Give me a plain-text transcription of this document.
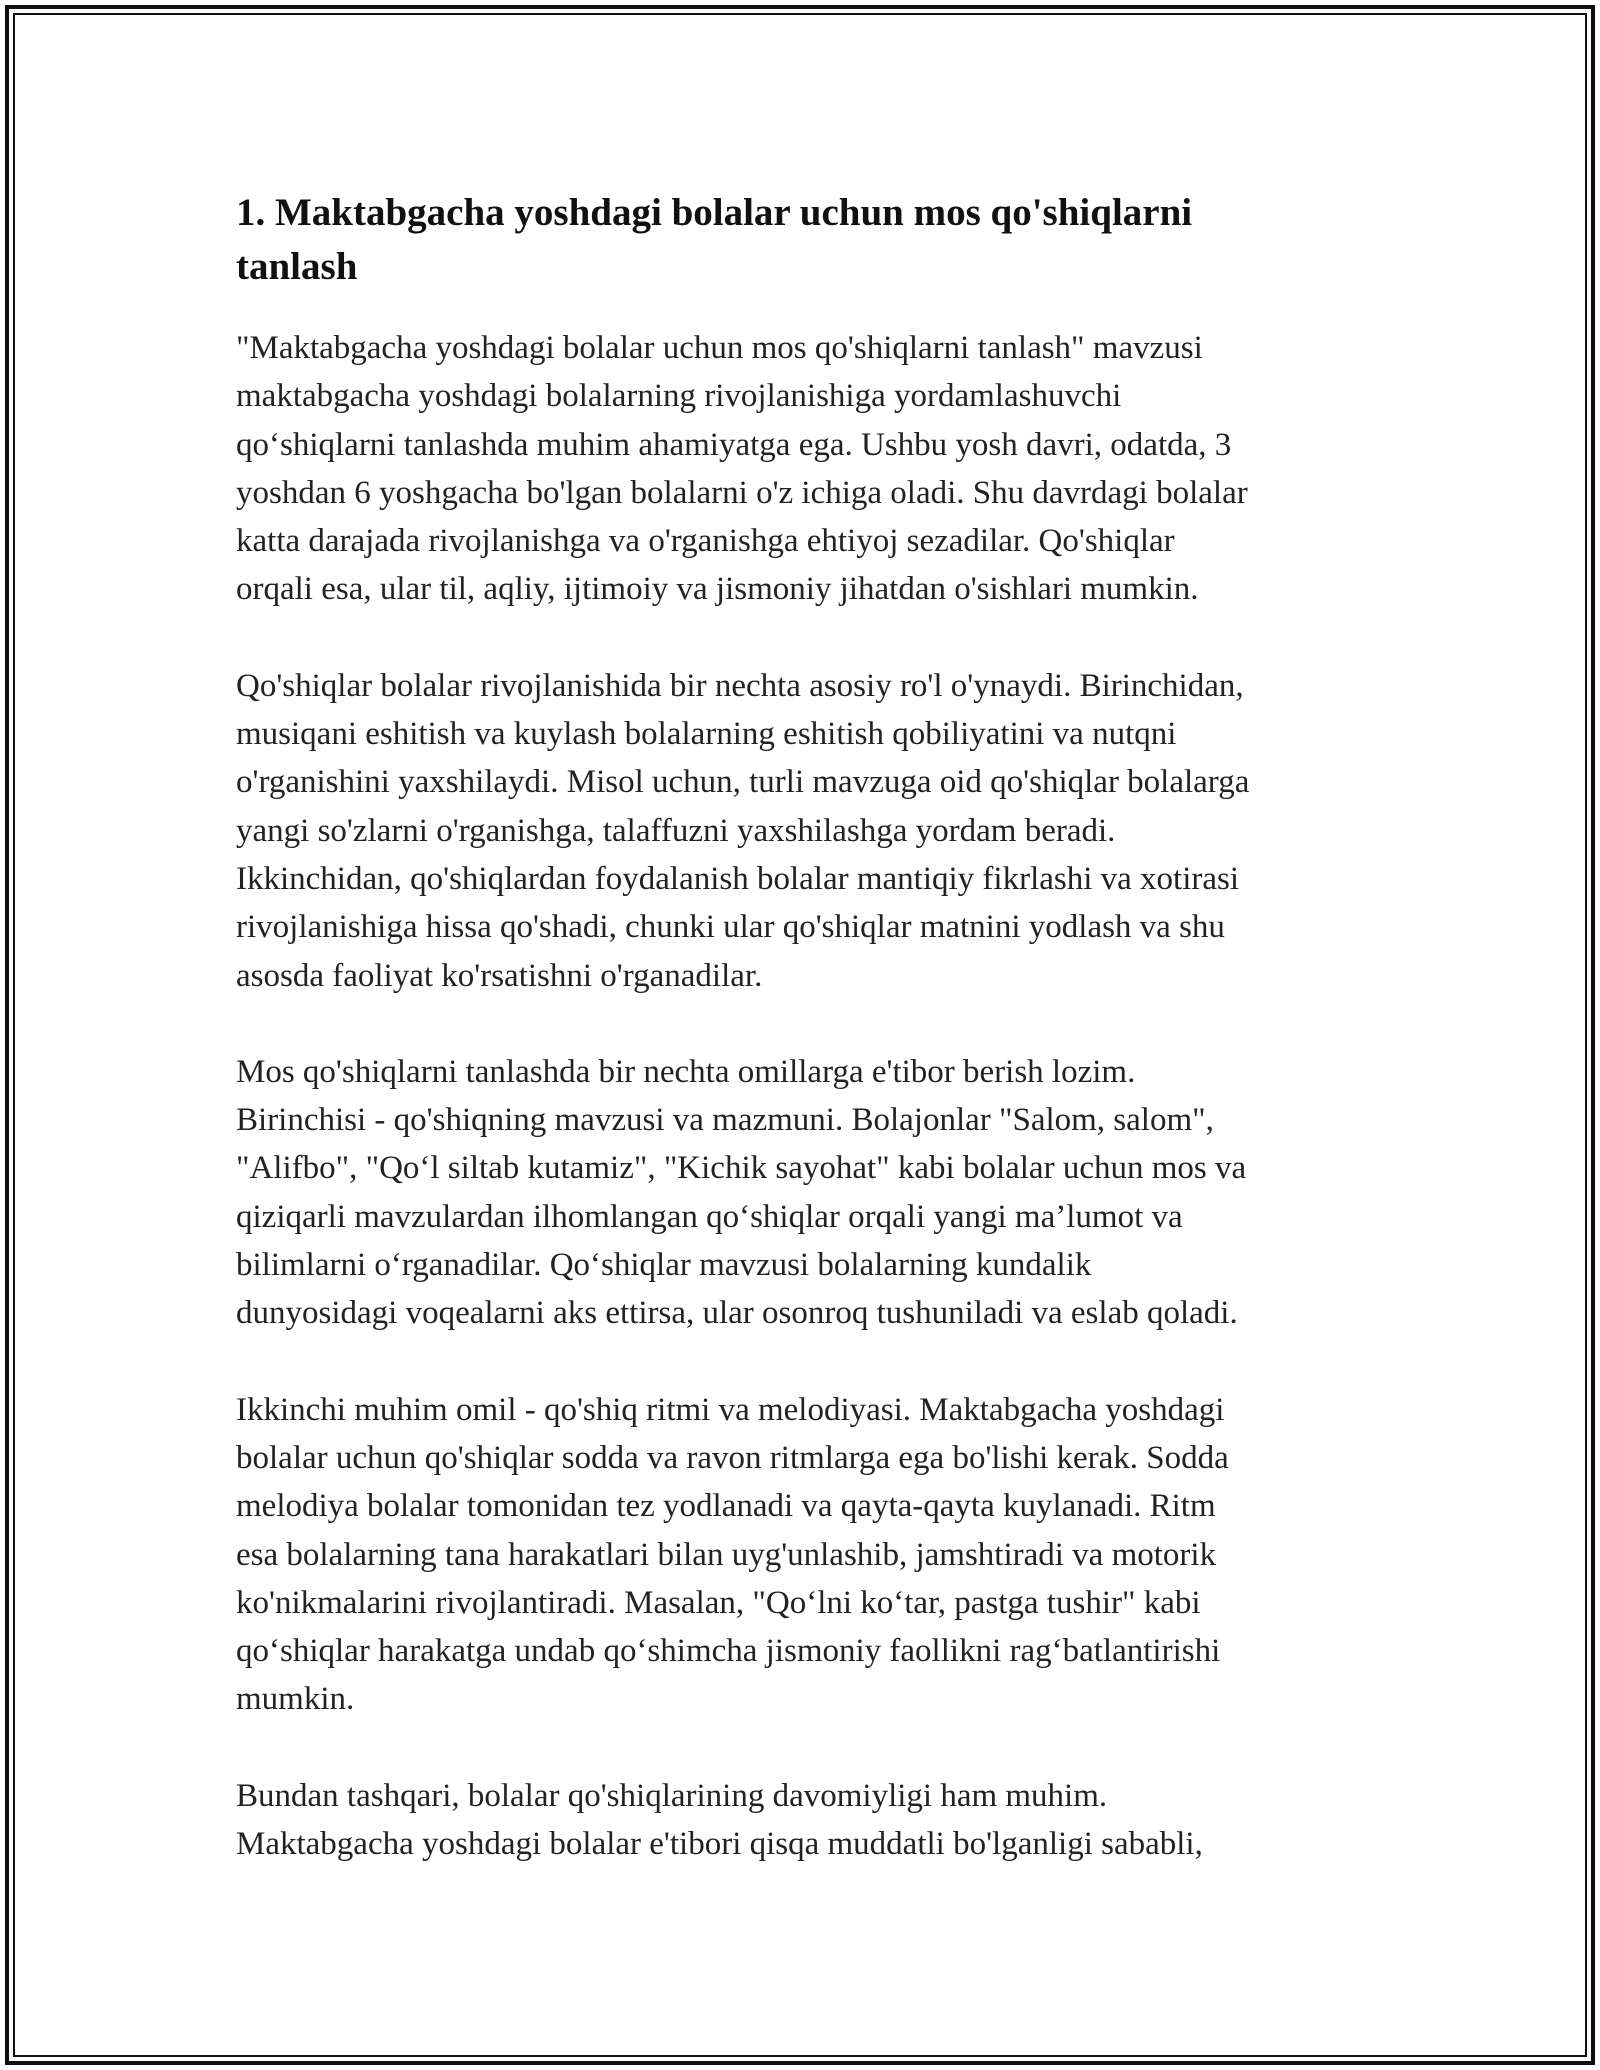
1. Maktabgacha yoshdagi bolalar uchun mos qo'shiqlarni
tanlash

"Maktabgacha yoshdagi bolalar uchun mos qo'shiqlarni tanlash" mavzusi
maktabgacha yoshdagi bolalarning rivojlanishiga yordamlashuvchi
qo‘shiqlarni tanlashda muhim ahamiyatga ega. Ushbu yosh davri, odatda, 3
yoshdan 6 yoshgacha bo'lgan bolalarni o'z ichiga oladi. Shu davrdagi bolalar
katta darajada rivojlanishga va o'rganishga ehtiyoj sezadilar. Qo'shiqlar
orqali esa, ular til, aqliy, ijtimoiy va jismoniy jihatdan o'sishlari mumkin.

Qo'shiqlar bolalar rivojlanishida bir nechta asosiy ro'l o'ynaydi. Birinchidan,
musiqani eshitish va kuylash bolalarning eshitish qobiliyatini va nutqni
o'rganishini yaxshilaydi. Misol uchun, turli mavzuga oid qo'shiqlar bolalarga
yangi so'zlarni o'rganishga, talaffuzni yaxshilashga yordam beradi.
Ikkinchidan, qo'shiqlardan foydalanish bolalar mantiqiy fikrlashi va xotirasi
rivojlanishiga hissa qo'shadi, chunki ular qo'shiqlar matnini yodlash va shu
asosda faoliyat ko'rsatishni o'rganadilar.

Mos qo'shiqlarni tanlashda bir nechta omillarga e'tibor berish lozim.
Birinchisi - qo'shiqning mavzusi va mazmuni. Bolajonlar "Salom, salom",
"Alifbo", "Qo‘l siltab kutamiz", "Kichik sayohat" kabi bolalar uchun mos va
qiziqarli mavzulardan ilhomlangan qo‘shiqlar orqali yangi ma’lumot va
bilimlarni o‘rganadilar. Qo‘shiqlar mavzusi bolalarning kundalik
dunyosidagi voqealarni aks ettirsa, ular osonroq tushuniladi va eslab qoladi.

Ikkinchi muhim omil - qo'shiq ritmi va melodiyasi. Maktabgacha yoshdagi
bolalar uchun qo'shiqlar sodda va ravon ritmlarga ega bo'lishi kerak. Sodda
melodiya bolalar tomonidan tez yodlanadi va qayta-qayta kuylanadi. Ritm
esa bolalarning tana harakatlari bilan uyg'unlashib, jamshtiradi va motorik
ko'nikmalarini rivojlantiradi. Masalan, "Qo‘lni ko‘tar, pastga tushir" kabi
qo‘shiqlar harakatga undab qo‘shimcha jismoniy faollikni rag‘batlantirishi
mumkin.

Bundan tashqari, bolalar qo'shiqlarining davomiyligi ham muhim.
Maktabgacha yoshdagi bolalar e'tibori qisqa muddatli bo'lganligi sababli,
